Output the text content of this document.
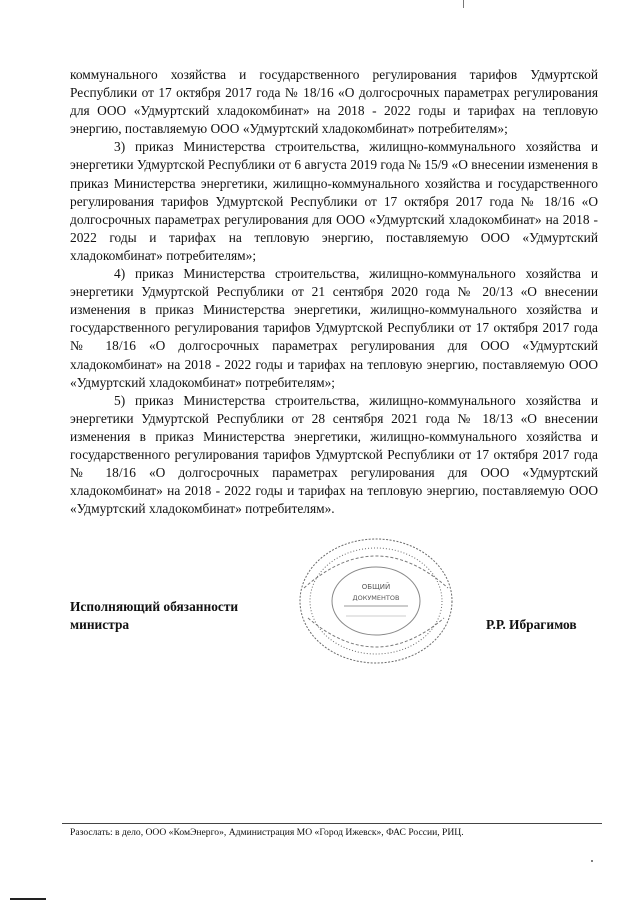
коммунального хозяйства и государственного регулирования тарифов Удмуртской Республики от 17 октября 2017 года № 18/16 «О долгосрочных параметрах регулирования для ООО «Удмуртский хладокомбинат» на 2018 - 2022 годы и тарифах на тепловую энергию, поставляемую ООО «Удмуртский хладокомбинат» потребителям»;

3) приказ Министерства строительства, жилищно-коммунального хозяйства и энергетики Удмуртской Республики от 6 августа 2019 года № 15/9 «О внесении изменения в приказ Министерства энергетики, жилищно-коммунального хозяйства и государственного регулирования тарифов Удмуртской Республики от 17 октября 2017 года № 18/16 «О долгосрочных параметрах регулирования для ООО «Удмуртский хладокомбинат» на 2018 - 2022 годы и тарифах на тепловую энергию, поставляемую ООО «Удмуртский хладокомбинат» потребителям»;

4) приказ Министерства строительства, жилищно-коммунального хозяйства и энергетики Удмуртской Республики от 21 сентября 2020 года № 20/13 «О внесении изменения в приказ Министерства энергетики, жилищно-коммунального хозяйства и государственного регулирования тарифов Удмуртской Республики от 17 октября 2017 года № 18/16 «О долгосрочных параметрах регулирования для ООО «Удмуртский хладокомбинат» на 2018 - 2022 годы и тарифах на тепловую энергию, поставляемую ООО «Удмуртский хладокомбинат» потребителям»;

5) приказ Министерства строительства, жилищно-коммунального хозяйства и энергетики Удмуртской Республики от 28 сентября 2021 года № 18/13 «О внесении изменения в приказ Министерства энергетики, жилищно-коммунального хозяйства и государственного регулирования тарифов Удмуртской Республики от 17 октября 2017 года № 18/16 «О долгосрочных параметрах регулирования для ООО «Удмуртский хладокомбинат» на 2018 - 2022 годы и тарифах на тепловую энергию, поставляемую ООО «Удмуртский хладокомбинат» потребителям».

ОБЩИЙ
ДОКУМЕНТОВ
Исполняющий обязанности
министра	Р.Р. Ибрагимов
Разослать: в дело, ООО «КомЭнерго», Администрация МО «Город Ижевск», ФАС России, РИЦ.
